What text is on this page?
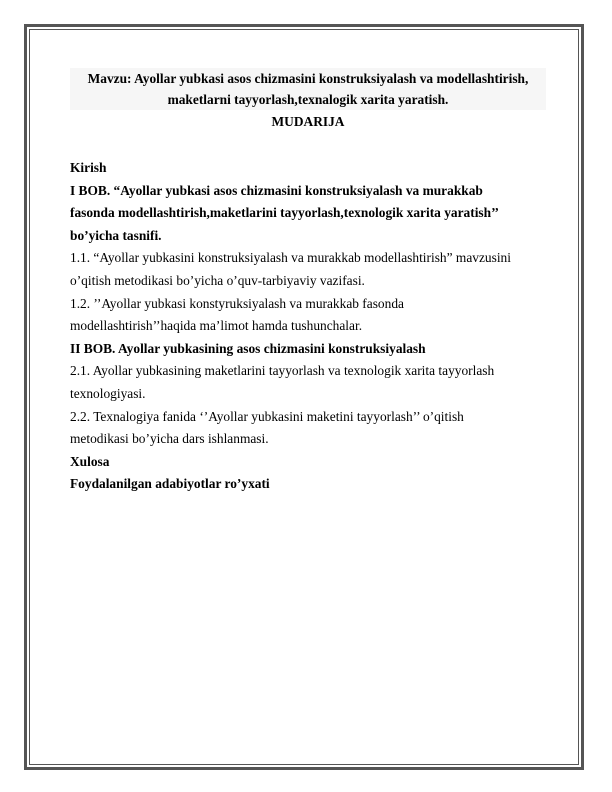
Mavzu: Ayollar yubkasi asos chizmasini konstruksiyalash va modellashtirish,
maketlarni tayyorlash,texnalogik xarita yaratish.

MUDARIJA

Kirish
I BOB. “Ayollar yubkasi asos chizmasini konstruksiyalash va murakkab
fasonda modellashtirish,maketlarini tayyorlash,texnologik xarita yaratish’’
bo’yicha tasnifi.
1.1. “Ayollar yubkasini konstruksiyalash va murakkab modellashtirish” mavzusini
o’qitish metodikasi bo’yicha o’quv-tarbiyaviy vazifasi.
1.2. ’’Ayollar yubkasi konstyruksiyalash va murakkab fasonda
modellashtirish’’haqida ma’limot hamda tushunchalar.
II BOB. Ayollar yubkasining asos chizmasini konstruksiyalash
2.1. Ayollar yubkasining maketlarini tayyorlash va texnologik xarita tayyorlash
texnologiyasi.
2.2. Texnalogiya fanida ‘’Ayollar yubkasini maketini tayyorlash’’ o’qitish
metodikasi bo’yicha dars ishlanmasi.
Xulosa
Foydalanilgan adabiyotlar ro’yxati
